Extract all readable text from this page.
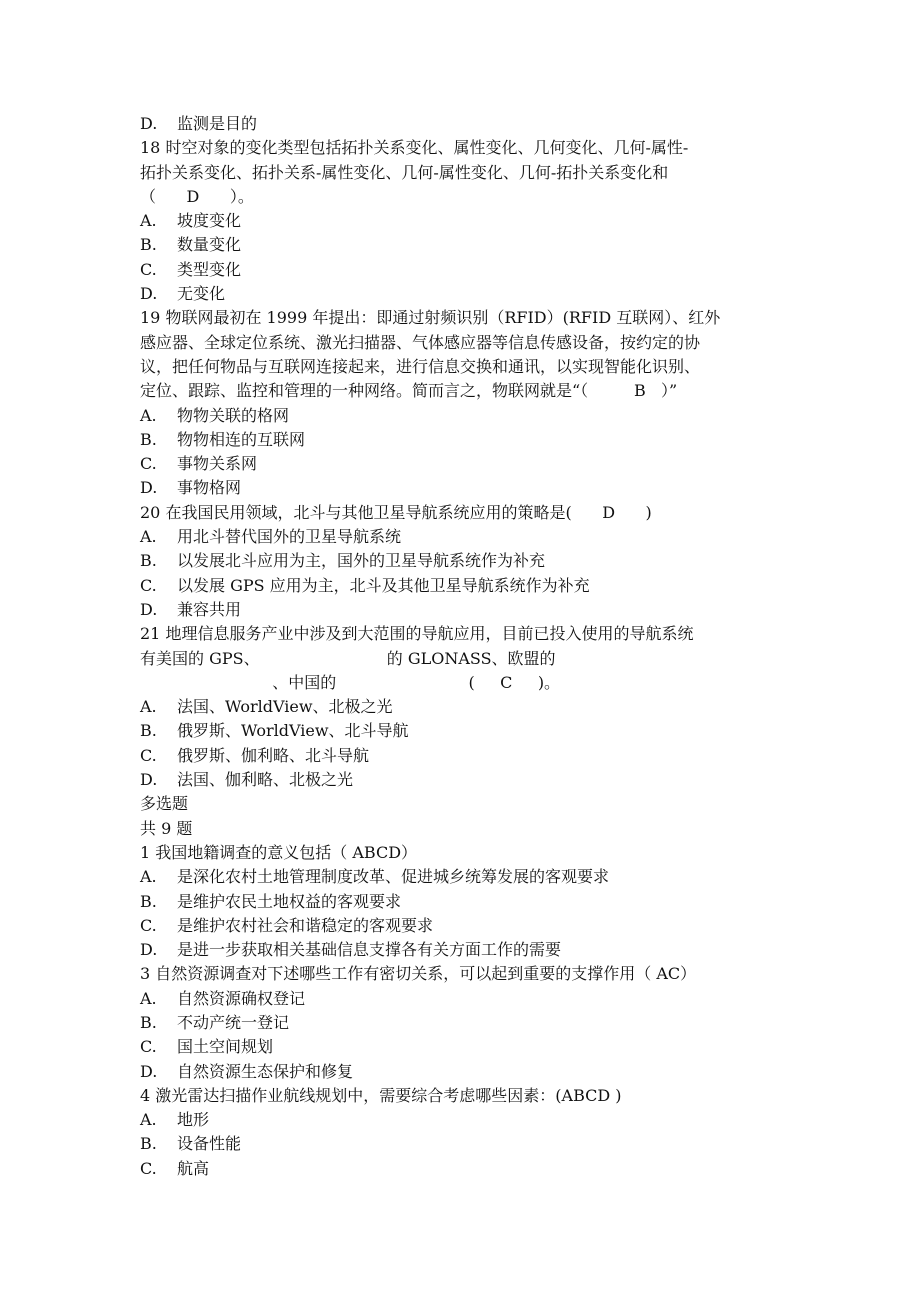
D. 监测是目的
18 时空对象的变化类型包括拓扑关系变化、属性变化、几何变化、几何-属性-
拓扑关系变化、拓扑关系-属性变化、几何-属性变化、几何-拓扑关系变化和
（      D      ）。
A. 坡度变化
B. 数量变化
C. 类型变化
D. 无变化
19 物联网最初在 1999 年提出：即通过射频识别（RFID）(RFID 互联网）、红外
感应器、全球定位系统、激光扫描器、气体感应器等信息传感设备，按约定的协
议，把任何物品与互联网连接起来，进行信息交换和通讯，以实现智能化识别、
定位、跟踪、监控和管理的一种网络。简而言之，物联网就是“（         B   ）”
A. 物物关联的格网
B. 物物相连的互联网
C. 事物关系网
D. 事物格网
20 在我国民用领域，北斗与其他卫星导航系统应用的策略是(      D      )
A. 用北斗替代国外的卫星导航系统
B. 以发展北斗应用为主，国外的卫星导航系统作为补充
C. 以发展 GPS 应用为主，北斗及其他卫星导航系统作为补充
D. 兼容共用
21 地理信息服务产业中涉及到大范围的导航应用，目前已投入使用的导航系统
有美国的 GPS、                         的 GLONASS、欧盟的
、中国的                          (     C     )。
A. 法国、WorldView、北极之光
B. 俄罗斯、WorldView、北斗导航
C. 俄罗斯、伽利略、北斗导航
D. 法国、伽利略、北极之光
多选题
共 9 题
1 我国地籍调查的意义包括（ ABCD）
A. 是深化农村土地管理制度改革、促进城乡统筹发展的客观要求
B. 是维护农民土地权益的客观要求
C. 是维护农村社会和谐稳定的客观要求
D. 是进一步获取相关基础信息支撑各有关方面工作的需要
3 自然资源调查对下述哪些工作有密切关系，可以起到重要的支撑作用（ AC）
A. 自然资源确权登记
B. 不动产统一登记
C. 国土空间规划
D. 自然资源生态保护和修复
4 激光雷达扫描作业航线规划中，需要综合考虑哪些因素：(ABCD )
A. 地形
B. 设备性能
C. 航高
